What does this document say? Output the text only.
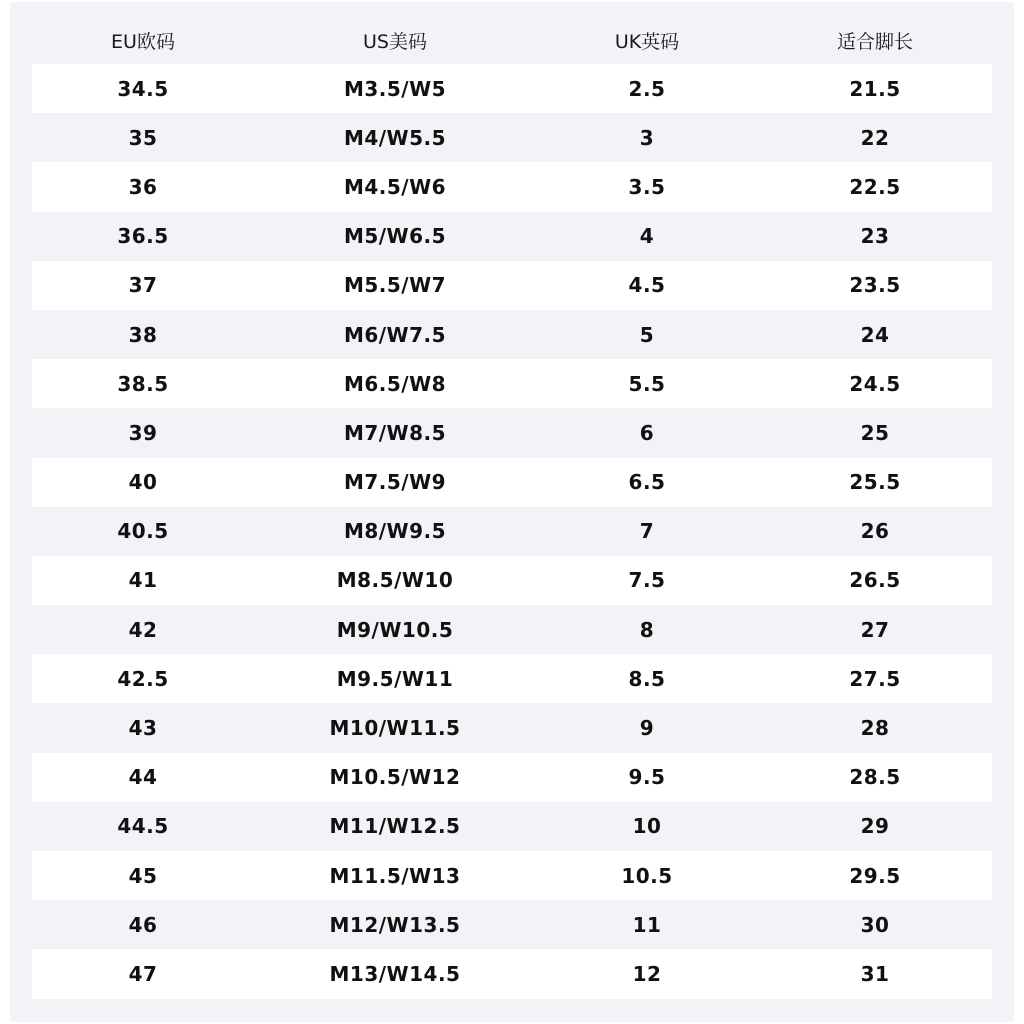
EU欧码	US美码	UK英码	适合脚长
34.5	M3.5/W5	2.5	21.5
35	M4/W5.5	3	22
36	M4.5/W6	3.5	22.5
36.5	M5/W6.5	4	23
37	M5.5/W7	4.5	23.5
38	M6/W7.5	5	24
38.5	M6.5/W8	5.5	24.5
39	M7/W8.5	6	25
40	M7.5/W9	6.5	25.5
40.5	M8/W9.5	7	26
41	M8.5/W10	7.5	26.5
42	M9/W10.5	8	27
42.5	M9.5/W11	8.5	27.5
43	M10/W11.5	9	28
44	M10.5/W12	9.5	28.5
44.5	M11/W12.5	10	29
45	M11.5/W13	10.5	29.5
46	M12/W13.5	11	30
47	M13/W14.5	12	31
